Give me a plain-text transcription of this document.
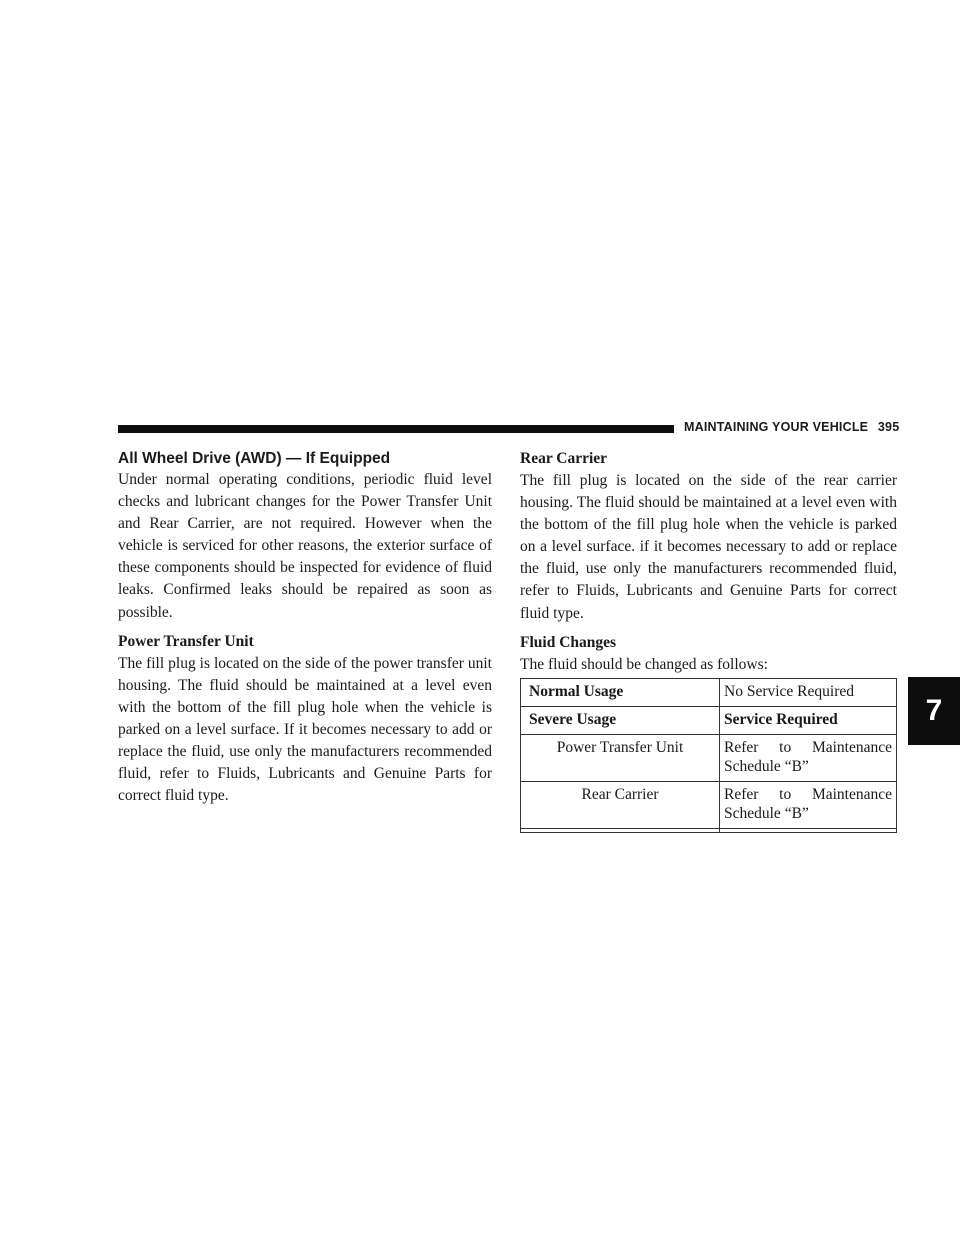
MAINTAINING YOUR VEHICLE 395
All Wheel Drive (AWD) — If Equipped

Under normal operating conditions, periodic fluid level checks and lubricant changes for the Power Transfer Unit and Rear Carrier, are not required. However when the vehicle is serviced for other reasons, the exterior surface of these components should be inspected for evidence of fluid leaks. Confirmed leaks should be repaired as soon as possible.

Power Transfer Unit

The fill plug is located on the side of the power transfer unit housing. The fluid should be maintained at a level even with the bottom of the fill plug hole when the vehicle is parked on a level surface. If it becomes necessary to add or replace the fluid, use only the manufacturers recommended fluid, refer to Fluids, Lubricants and Genuine Parts for correct fluid type.

Rear Carrier

The fill plug is located on the side of the rear carrier housing. The fluid should be maintained at a level even with the bottom of the fill plug hole when the vehicle is parked on a level surface. if it becomes necessary to add or replace the fluid, use only the manufacturers recommended fluid, refer to Fluids, Lubricants and Genuine Parts for correct fluid type.

Fluid Changes

The fluid should be changed as follows:

Normal Usage	No Service Required
Severe Usage	Service Required
Power Transfer Unit	Refer to Maintenance Schedule “B”
Rear Carrier	Refer to Maintenance Schedule “B”

7
